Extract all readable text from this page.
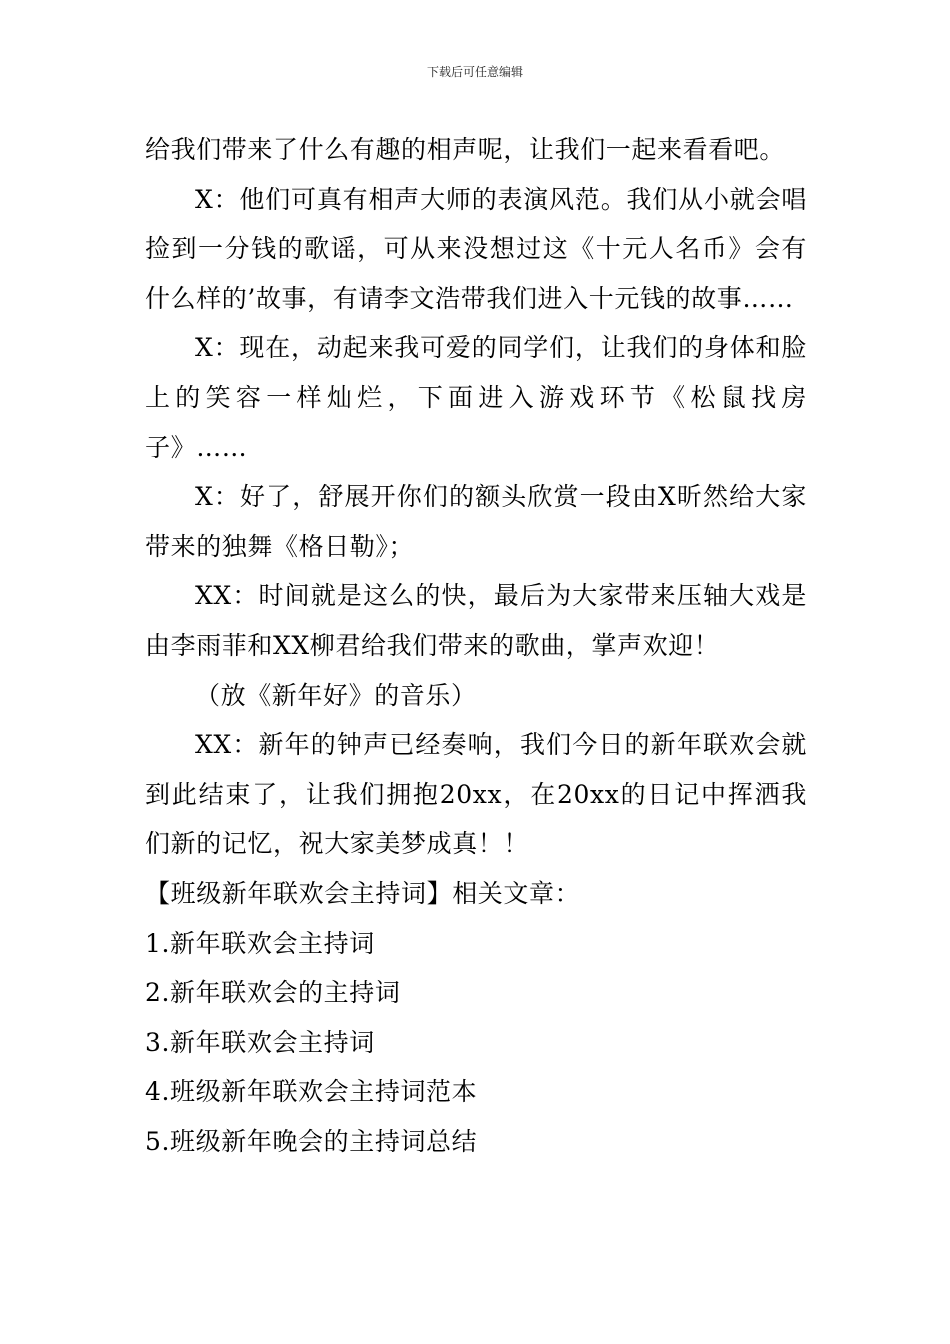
下载后可任意编辑

给我们带来了什么有趣的相声呢，让我们一起来看看吧。

X：他们可真有相声大师的表演风范。我们从小就会唱捡到一分钱的歌谣，可从来没想过这《十元人名币》会有什么样的’故事，有请李文浩带我们进入十元钱的故事……

X：现在，动起来我可爱的同学们，让我们的身体和脸上的笑容一样灿烂，下面进入游戏环节《松鼠找房子》……

X：好了，舒展开你们的额头欣赏一段由X昕然给大家带来的独舞《格日勒》；

XX：时间就是这么的快，最后为大家带来压轴大戏是由李雨菲和XX柳君给我们带来的歌曲，掌声欢迎！

（放《新年好》的音乐）

XX：新年的钟声已经奏响，我们今日的新年联欢会就到此结束了，让我们拥抱20xx，在20xx的日记中挥洒我们新的记忆，祝大家美梦成真！！

【班级新年联欢会主持词】相关文章：

1.新年联欢会主持词

2.新年联欢会的主持词

3.新年联欢会主持词

4.班级新年联欢会主持词范本

5.班级新年晚会的主持词总结
